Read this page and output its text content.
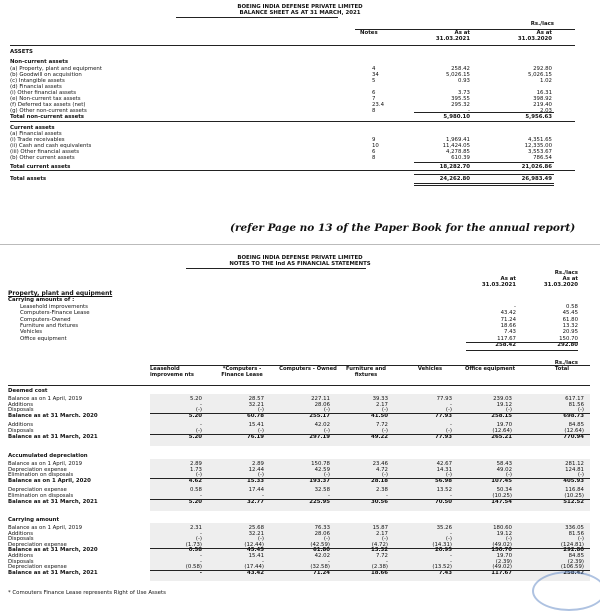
BOEING INDIA DEFENSE PRIVATE LIMITED
BALANCE SHEET AS AT 31 MARCH, 2021
Rs./lacs
Notes	As at
31.03.2021
As at
31.03.2020
ASSETS
Non-current assets
(a) Property, plant and equipment	4	258.42	292.80
(b) Goodwill on acquisition	34	5,026.15	5,026.15
(c) Intangible assets	5	0.93	1.02
(d) Financial assets
(i) Other financial assets	6	3.73	16.31
(e) Non-current tax assets	7	395.55	398.92
(f) Deferred tax assets (net)	23.4	295.32	219.40
(g) Other non-current assets	8	-	2.03
Total non-current assets	5,980.10	5,956.63
Current assets
(a) Financial assets
(i) Trade receivables	9	1,969.41	4,351.65
(ii) Cash and cash equivalents	10	11,424.05	12,335.00
(iii) Other financial assets	6	4,278.85	3,553.67
(b) Other current assets	8	610.39	786.54
Total current assets	18,282.70	21,026.86
Total assets	24,262.80	26,983.49
(refer Page no 13 of the Paper Book for the annual report)
BOEING INDIA DEFENSE PRIVATE LIMITED
NOTES TO THE Ind AS FINANCIAL STATEMENTS
Rs./lacs
As at
31.03.2021
As at
31.03.2020
Property, plant and equipment
Carrying amounts of :
Leasehold improvements	-	0.58
Computers-Finance Lease	43.42	45.45
Computers-Owned	71.24	61.80
Furniture and fixtures	18.66	13.32
Vehicles	7.43	20.95
Office equipment	117.67	150.70
258.42	292.80
Rs./lacs
Leasehold improveme nts
*Computers - Finance Lease
Computers - Owned	Furniture and fixtures
Vehicles	Office equipment	Total
Deemed cost
Balance as on 1 April, 2019	5.20	28.57	227.11	39.33	77.93	239.03	617.17
Additions	-	32.21	28.06	2.17	-	19.12	81.56
Disposals	(-)	(-)	(-)	(-)	(-)	(-)	(-)
Balance as at 31 March. 2020	5.20	60.78	255.17	41.50	77.93	258.15	698.73
Additions	-	15.41	42.02	7.72	-	19.70	84.85
Disposals	(-)	(-)	(-)	(-)	(-)	(12.64)	(12.64)
Balance as at 31 March, 2021	5.20	76.19	297.19	49.22	77.93	265.21	770.94
Accumulated depreciation
Balance as on 1 April, 2019	2.89	2.89	150.78	23.46	42.67	58.43	281.12
Depreciation expense	1.73	12.44	42.59	4.72	14.31	49.02	124.81
Elimination on disposals	(-)	(-)	(-)	(-)	(-)	(-)	(-)
Balance as on 1 April, 2020	4.62	15.33	193.37	28.18	56.98	107.45	405.93
Depreciation expense	0.58	17.44	32.58	2.38	13.52	50.34	116.84
Elimination on disposals	-	-	-	-	-	(10.25)	(10.25)
Balance as at 31 March, 2021	5.20	32.77	225.95	30.56	70.50	147.54	512.52
Carrying amount
Balance as on 1 April, 2019	2.31	25.68	76.33	15.87	35.26	180.60	336.05
Additions	-	32.21	28.06	2.17	-	19.12	81.56
Disposals	(-)	(-)	(-)	(-)	(-)	(-)	(-)
Depreciation expense	(1.73)	(12.44)	(42.59)	(4.72)	(14.31)	(49.02)	(124.81)
Balance as at 31 March, 2020	0.58	45.45	61.80	13.32	20.95	150.70	292.80
Additions	-	15.41	42.02	7.72	-	19.70	84.85
Disposals	-	-	-	-	-	(2.39)	(2.39)
Depreciation expense	(0.58)	(17.44)	(32.58)	(2.38)	(13.52)	(49.02)	(106.59)
Balance as at 31 March, 2021	-	43.42	71.24	18.66	7.43	117.67	258.42
* Comouters Finance Lease represents Right of Use Assets
